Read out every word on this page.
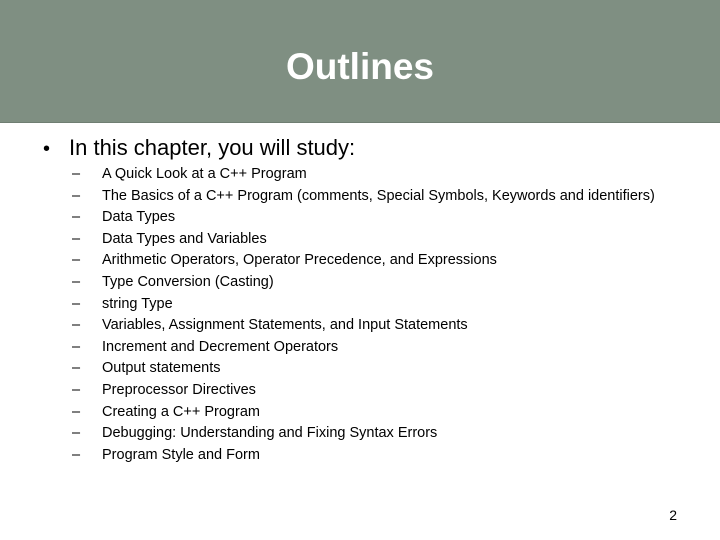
Outlines
• In this chapter, you will study:
–	A Quick Look at a C++ Program
–	The Basics of a C++ Program (comments, Special Symbols, Keywords and identifiers)
–	Data Types
–	Data Types and Variables
–	Arithmetic Operators, Operator Precedence, and Expressions
–	Type Conversion (Casting)
–	string Type
–	Variables, Assignment Statements, and Input Statements
–	Increment and Decrement Operators
–	Output statements
–	Preprocessor Directives
–	Creating a C++ Program
–	Debugging: Understanding and Fixing Syntax Errors
–	Program Style and Form
2
